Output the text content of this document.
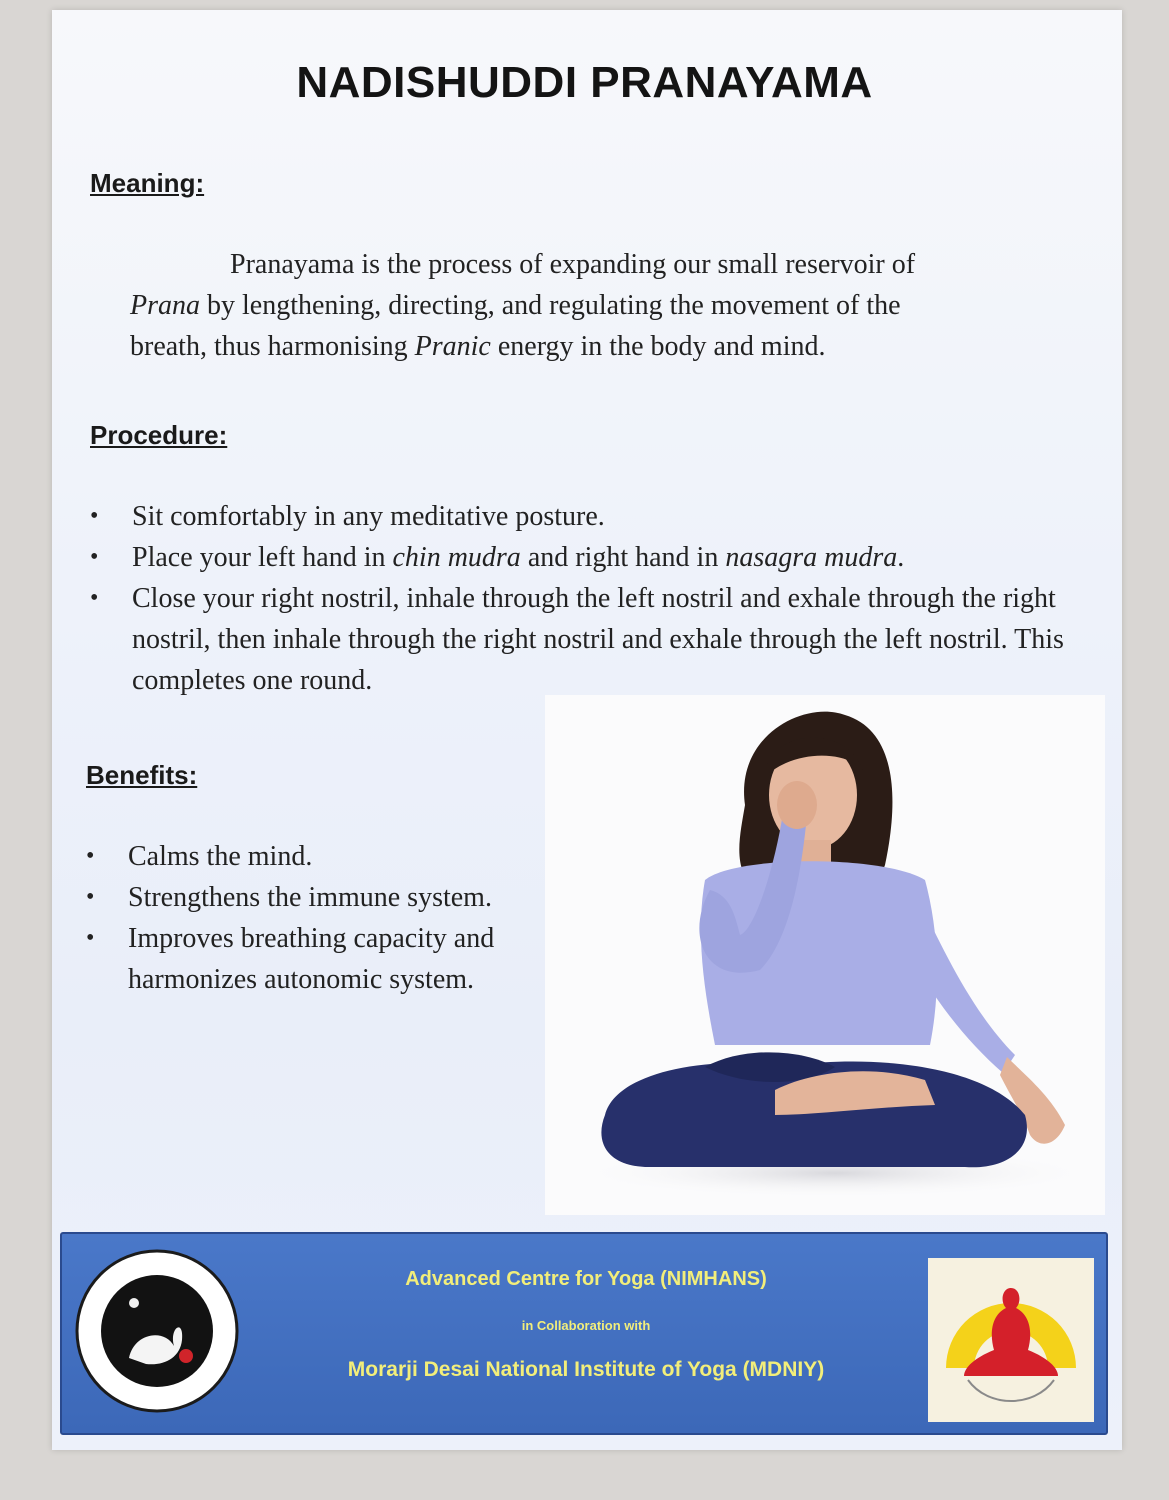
NADISHUDDI PRANAYAMA
Meaning:
Pranayama is the process of expanding our small reservoir of
Prana by lengthening, directing, and regulating the movement of the
breath, thus harmonising Pranic energy in the body and mind.
Procedure:
• Sit comfortably in any meditative posture.
• Place your left hand in chin mudra and right hand in nasagra mudra.
• Close your right nostril, inhale through the left nostril and exhale through the right nostril, then inhale through the right nostril and exhale through the left nostril. This completes one round.
Benefits:
• Calms the mind.
• Strengthens the immune system.
• Improves breathing capacity and harmonizes autonomic system.
Advanced Centre for Yoga (NIMHANS)
in Collaboration with
Morarji Desai National Institute of Yoga (MDNIY)
